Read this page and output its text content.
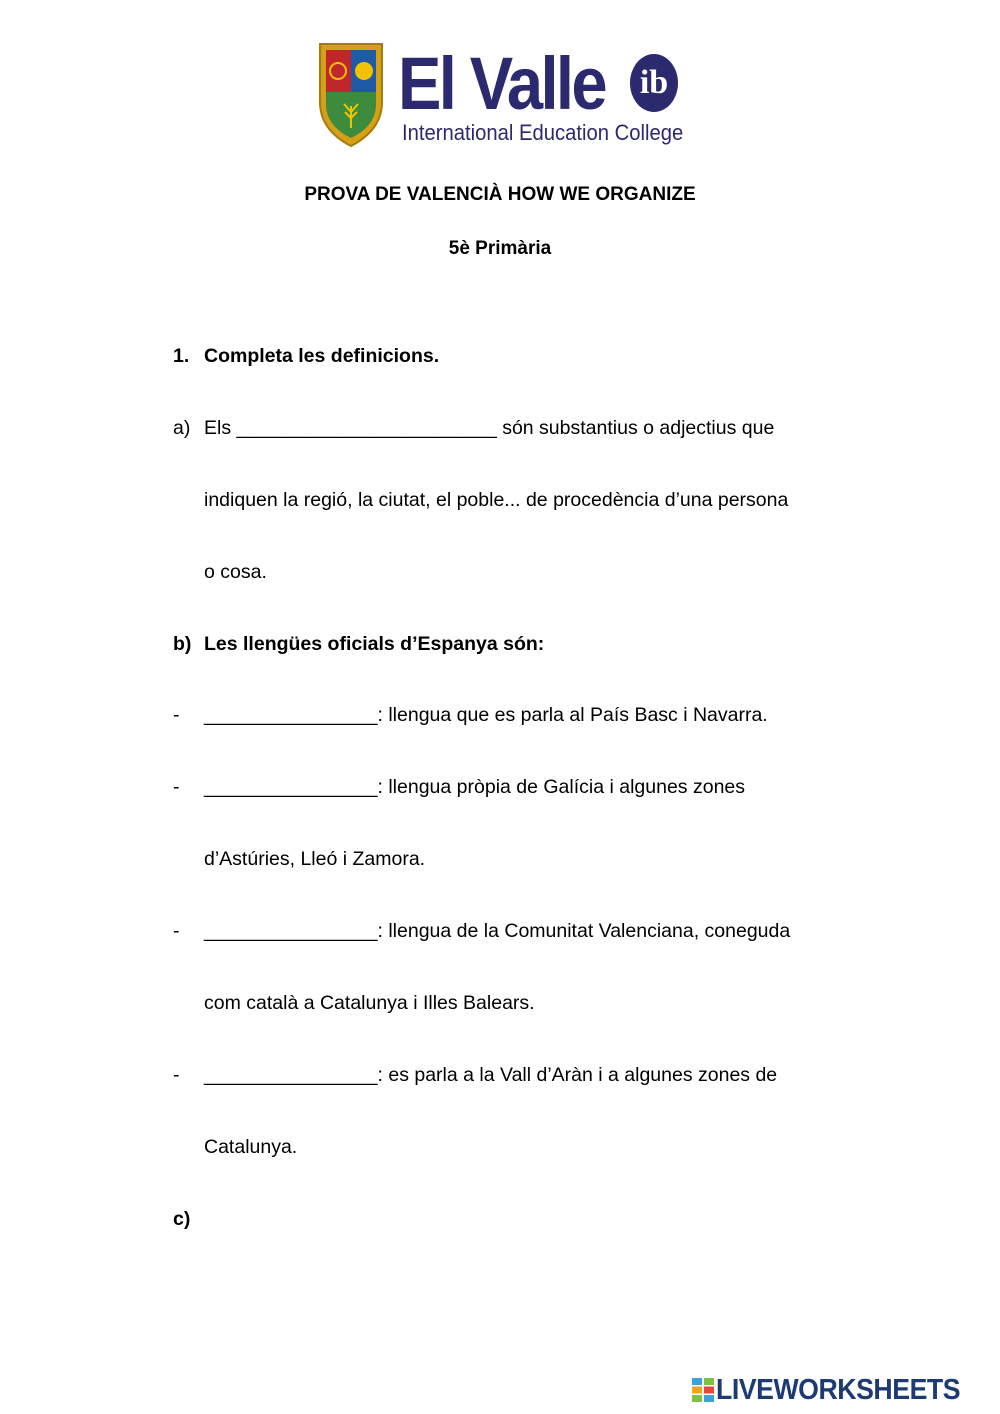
El Valle ib
International Education College
PROVA DE VALENCIÀ HOW WE ORGANIZE
5è Primària
1. Completa les definicions.
a) Els ________________________ són substantius o adjectius que
indiquen la regió, la ciutat, el poble... de procedència d’una persona
o cosa.
b) Les llengües oficials d’Espanya són:
- ________________: llengua que es parla al País Basc i Navarra.
- ________________: llengua pròpia de Galícia i algunes zones
d’Astúries, Lleó i Zamora.
- ________________: llengua de la Comunitat Valenciana, coneguda
com català a Catalunya i Illes Balears.
- ________________: es parla a la Vall d’Aràn i a algunes zones de
Catalunya.
c)
LIVEWORKSHEETS
